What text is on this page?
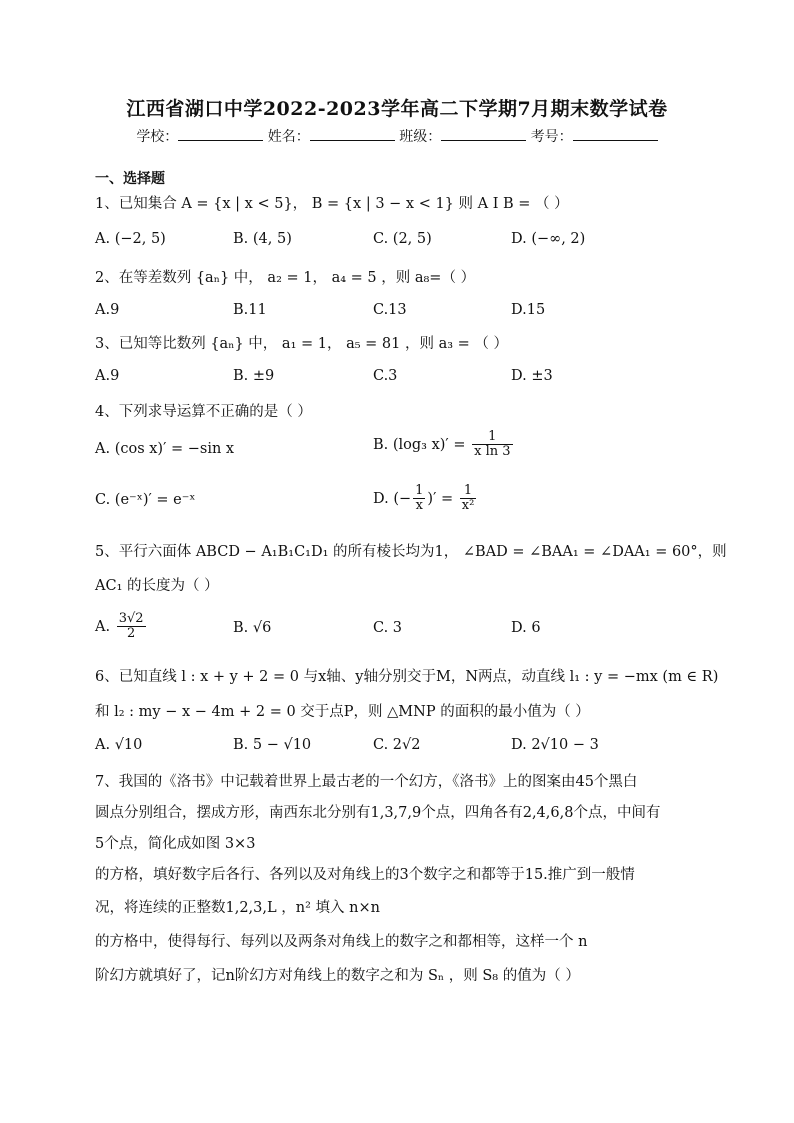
江西省湖口中学2022-2023学年高二下学期7月期末数学试卷
学校：	姓名：	班级：	考号：
一、选择题
1、已知集合 A = {x | x < 5}， B = {x | 3 − x < 1} 则 A I B = （ ）
A. (−2, 5)	B. (4, 5)	C. (2, 5)	D. (−∞, 2)
2、在等差数列 {aₙ} 中， a₂ = 1， a₄ = 5 ，则 a₈=（ ）
A.9	B.11	C.13	D.15
3、已知等比数列 {aₙ} 中， a₁ = 1， a₅ = 81 ，则 a₃ = （ ）
A.9	B. ±9	C.3	D. ±3
4、下列求导运算不正确的是（ ）
A. (cos x)′ = −sin x	B. (log₃ $x)' = \frac{1}{\text{x ln 3}}$
C. (e⁻ˣ)′ = e⁻ˣ	D. (− $\frac{1}{x}$ )′ = $\frac{1}{\text{x²}}$
5、平行六面体 ABCD − A₁B₁C₁D₁ 的所有棱长均为1， ∠BAD = ∠BAA₁ = ∠DAA₁ = 60°，则
AC₁ 的长度为（ ）
A. $\frac{3√2}{2}$	B. √6	C. 3	D. 6
6、已知直线 l : x + y + 2 = 0 与x轴、y轴分别交于M，N两点，动直线 l₁ : y = −mx (m ∈ R)
和 l₂ : my − x − 4m + 2 = 0 交于点P，则 △MNP 的面积的最小值为（ ）
A. √10	B. 5 − √10	C. 2√2	D. 2√10 − 3
7、我国的《洛书》中记载着世界上最古老的一个幻方，《洛书》上的图案由45个黑白
圆点分别组合，摆成方形，南西东北分别有1,3,7,9个点，四角各有2,4,6,8个点，中间有
5个点，简化成如图 3×3
的方格，填好数字后各行、各列以及对角线上的3个数字之和都等于15.推广到一般情
况，将连续的正整数1,2,3,L ，n² 填入 n×n
的方格中，使得每行、每列以及两条对角线上的数字之和都相等，这样一个 n
阶幻方就填好了，记n阶幻方对角线上的数字之和为 Sₙ ，则 S₈ 的值为（ ）
